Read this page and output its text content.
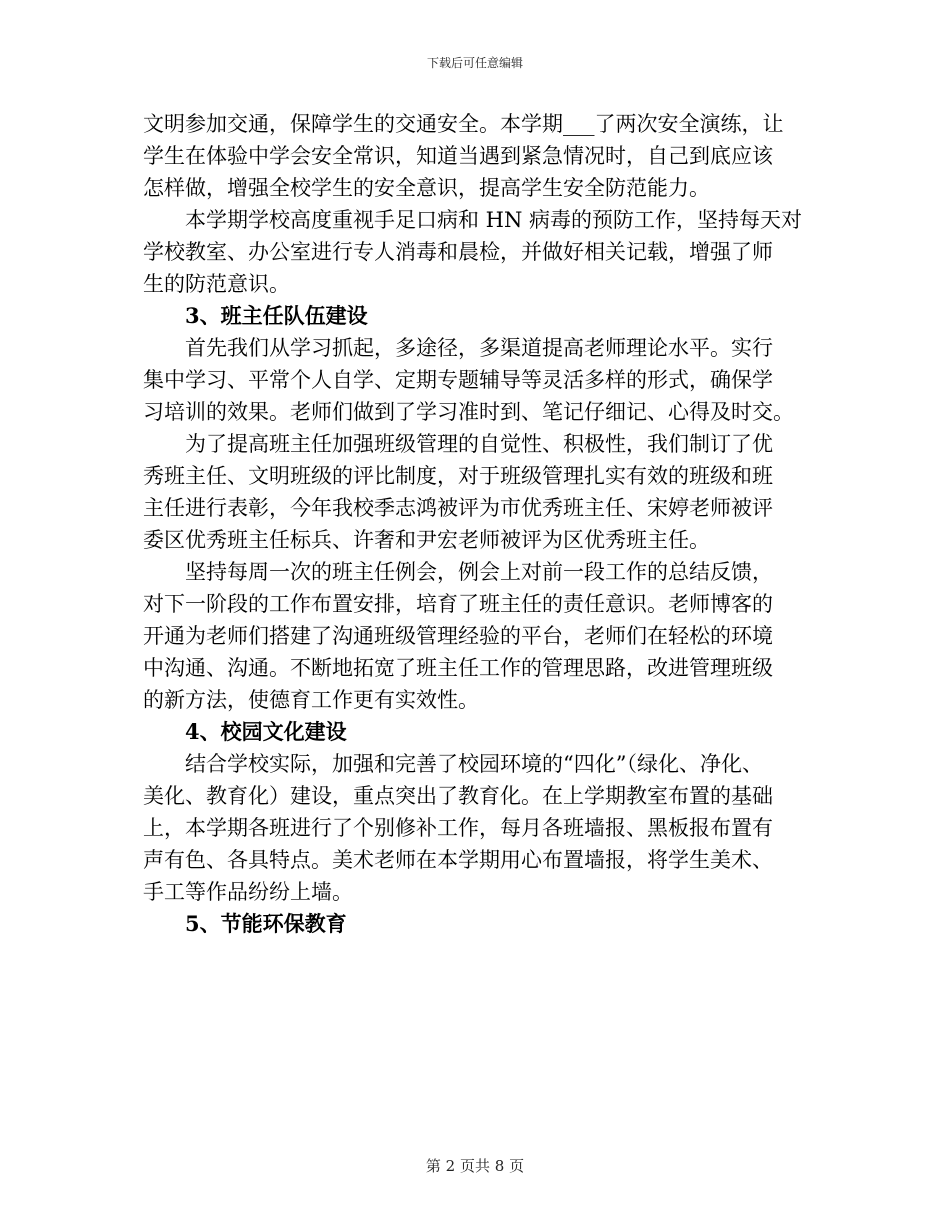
下载后可任意编辑
文明参加交通，保障学生的交通安全。本学期___了两次安全演练，让
学生在体验中学会安全常识，知道当遇到紧急情况时，自己到底应该
怎样做，增强全校学生的安全意识，提高学生安全防范能力。
本学期学校高度重视手足口病和 HN 病毒的预防工作，坚持每天对
学校教室、办公室进行专人消毒和晨检，并做好相关记载，增强了师
生的防范意识。
3、班主任队伍建设
首先我们从学习抓起，多途径，多渠道提高老师理论水平。实行
集中学习、平常个人自学、定期专题辅导等灵活多样的形式，确保学
习培训的效果。老师们做到了学习准时到、笔记仔细记、心得及时交。
为了提高班主任加强班级管理的自觉性、积极性，我们制订了优
秀班主任、文明班级的评比制度，对于班级管理扎实有效的班级和班
主任进行表彰，今年我校季志鸿被评为市优秀班主任、宋婷老师被评
委区优秀班主任标兵、许奢和尹宏老师被评为区优秀班主任。
坚持每周一次的班主任例会，例会上对前一段工作的总结反馈，
对下一阶段的工作布置安排，培育了班主任的责任意识。老师博客的
开通为老师们搭建了沟通班级管理经验的平台，老师们在轻松的环境
中沟通、沟通。不断地拓宽了班主任工作的管理思路，改进管理班级
的新方法，使德育工作更有实效性。
4、校园文化建设
结合学校实际，加强和完善了校园环境的“四化”（绿化、净化、
美化、教育化）建设，重点突出了教育化。在上学期教室布置的基础
上，本学期各班进行了个别修补工作，每月各班墙报、黑板报布置有
声有色、各具特点。美术老师在本学期用心布置墙报，将学生美术、
手工等作品纷纷上墙。
5、节能环保教育
第 2 页共 8 页
